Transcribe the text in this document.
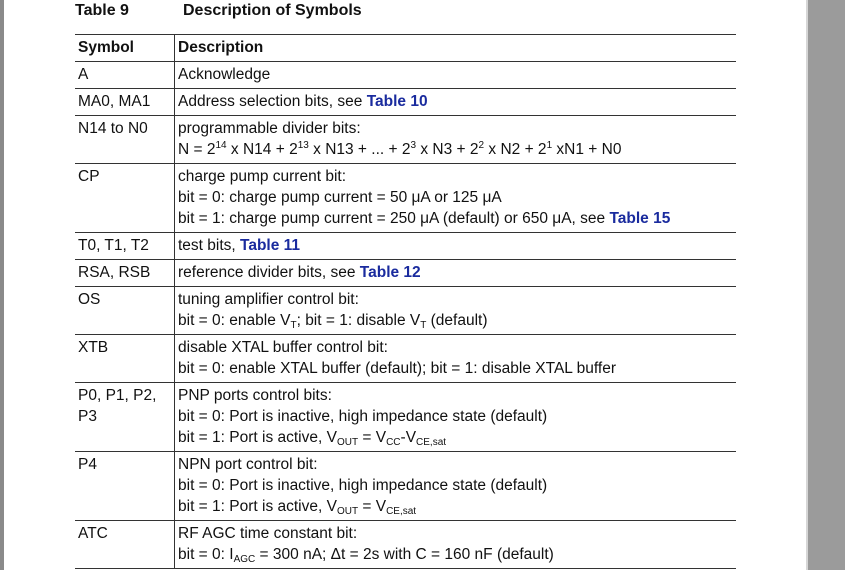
Table 9	Description of Symbols
Symbol	Description
A	Acknowledge
MA0, MA1	Address selection bits, see Table 10
N14 to N0	programmable divider bits:
$N = 2^{14}$ x $N14 + 2^{13}$ x N13 + ... + $2^3$ x $N3 + 2^2$ x $N2 + 2^1$ xN1 + N0

CP	charge pump current bit:
bit = 0: charge pump current = 50 μA or 125 μA
bit = 1: charge pump current = 250 μA (default) or 650 μA, see Table 15

T0, T1, T2	test bits, Table 11
RSA, RSB	reference divider bits, see Table 12
OS	tuning amplifier control bit:
bit = 0: enable $V_T$; bit = 1: disable $V_T$ (default)

XTB	disable XTAL buffer control bit:
bit = 0: enable XTAL buffer (default); bit = 1: disable XTAL buffer

P0, P1, P2,
P3	PNP ports control bits:
bit = 0: Port is inactive, high impedance state (default)
bit = 1: Port is active, $V_{OUT} = V_{CC}-V_{CE,sat}$

P4	NPN port control bit:
bit = 0: Port is inactive, high impedance state (default)
bit = 1: Port is active, $V_{OUT} = V_{CE,sat}$

ATC	RF AGC time constant bit:
bit = 0: $I_{AGC} = 300$ nA; Δt = 2s with C = 160 nF (default)
